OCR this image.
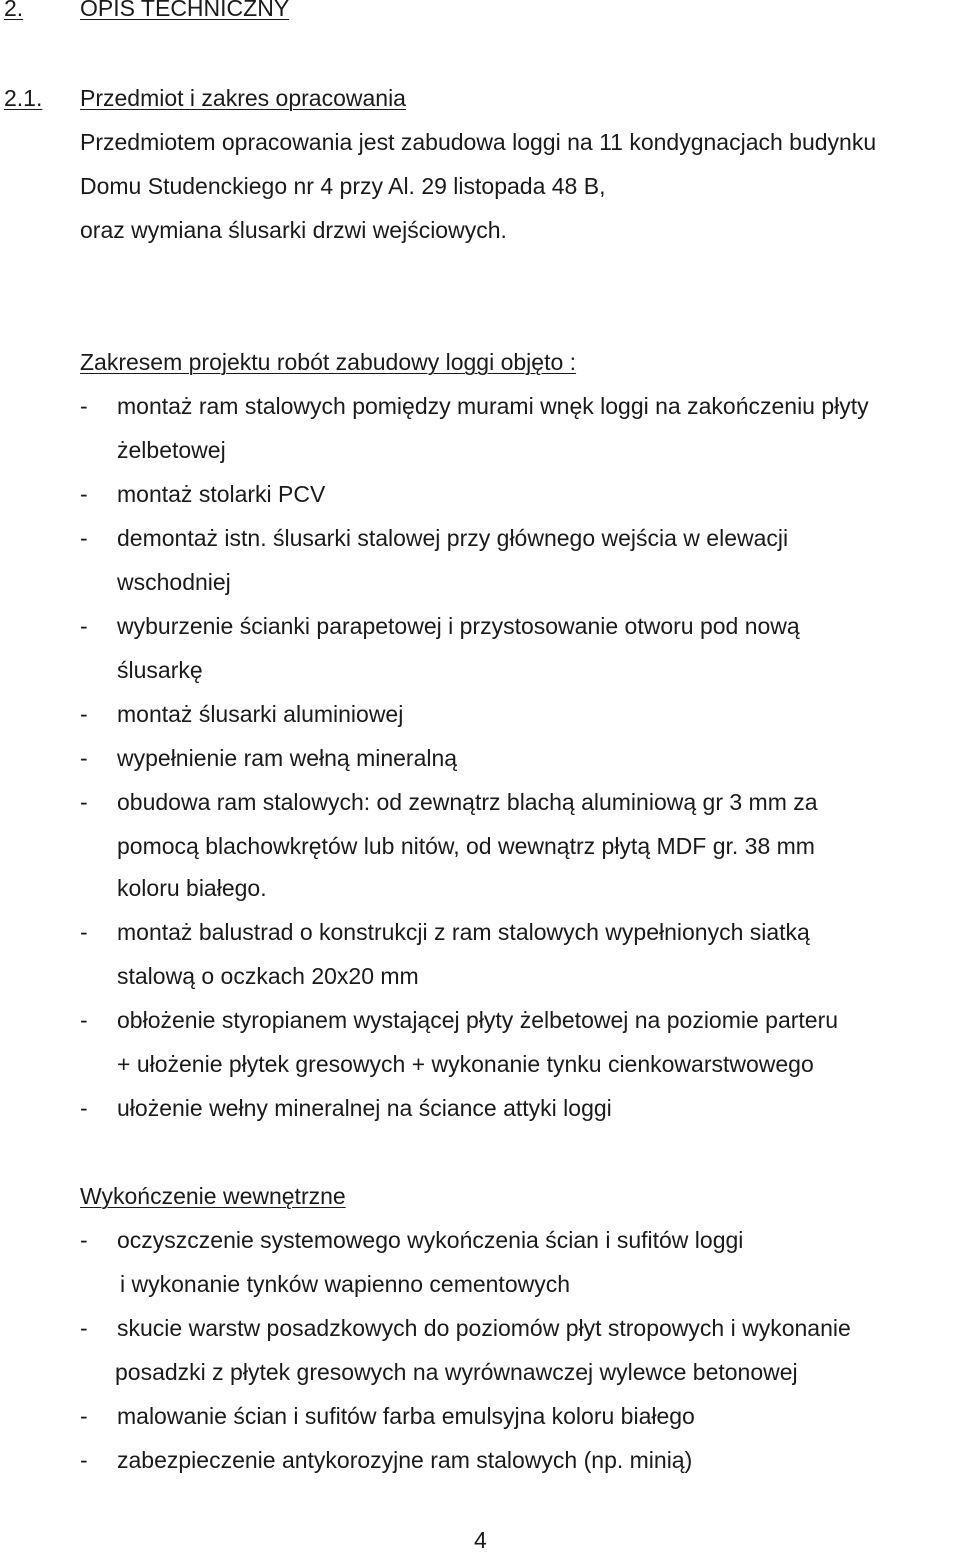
2. OPIS TECHNICZNY
2.1. Przedmiot i zakres opracowania
Przedmiotem opracowania jest zabudowa loggi na 11 kondygnacjach budynku
Domu Studenckiego nr 4 przy Al. 29 listopada 48 B,
oraz wymiana ślusarki drzwi wejściowych.
Zakresem projektu robót zabudowy loggi objęto :
-	montaż ram stalowych pomiędzy murami wnęk loggi na zakończeniu płyty
żelbetowej
-	montaż stolarki PCV
-	demontaż istn. ślusarki stalowej przy głównego wejścia w elewacji
wschodniej
-	wyburzenie ścianki parapetowej i przystosowanie otworu pod nową
ślusarkę
-	montaż ślusarki aluminiowej
-	wypełnienie ram wełną mineralną
-	obudowa ram stalowych: od zewnątrz blachą aluminiową gr 3 mm za
pomocą blachowkrętów lub nitów, od wewnątrz płytą MDF gr. 38 mm
koloru białego.
-	montaż balustrad o konstrukcji z ram stalowych wypełnionych siatką
stalową o oczkach 20x20 mm
-	obłożenie styropianem wystającej płyty żelbetowej na poziomie parteru
+ ułożenie płytek gresowych + wykonanie tynku cienkowarstwowego
-	ułożenie wełny mineralnej na ściance attyki loggi
Wykończenie wewnętrzne
-	oczyszczenie systemowego wykończenia ścian i sufitów loggi
i wykonanie tynków wapienno cementowych
-	skucie warstw posadzkowych do poziomów płyt stropowych i wykonanie
posadzki z płytek gresowych na wyrównawczej wylewce betonowej
-	malowanie ścian i sufitów farba emulsyjna koloru białego
-	zabezpieczenie antykorozyjne ram stalowych (np. minią)
4
